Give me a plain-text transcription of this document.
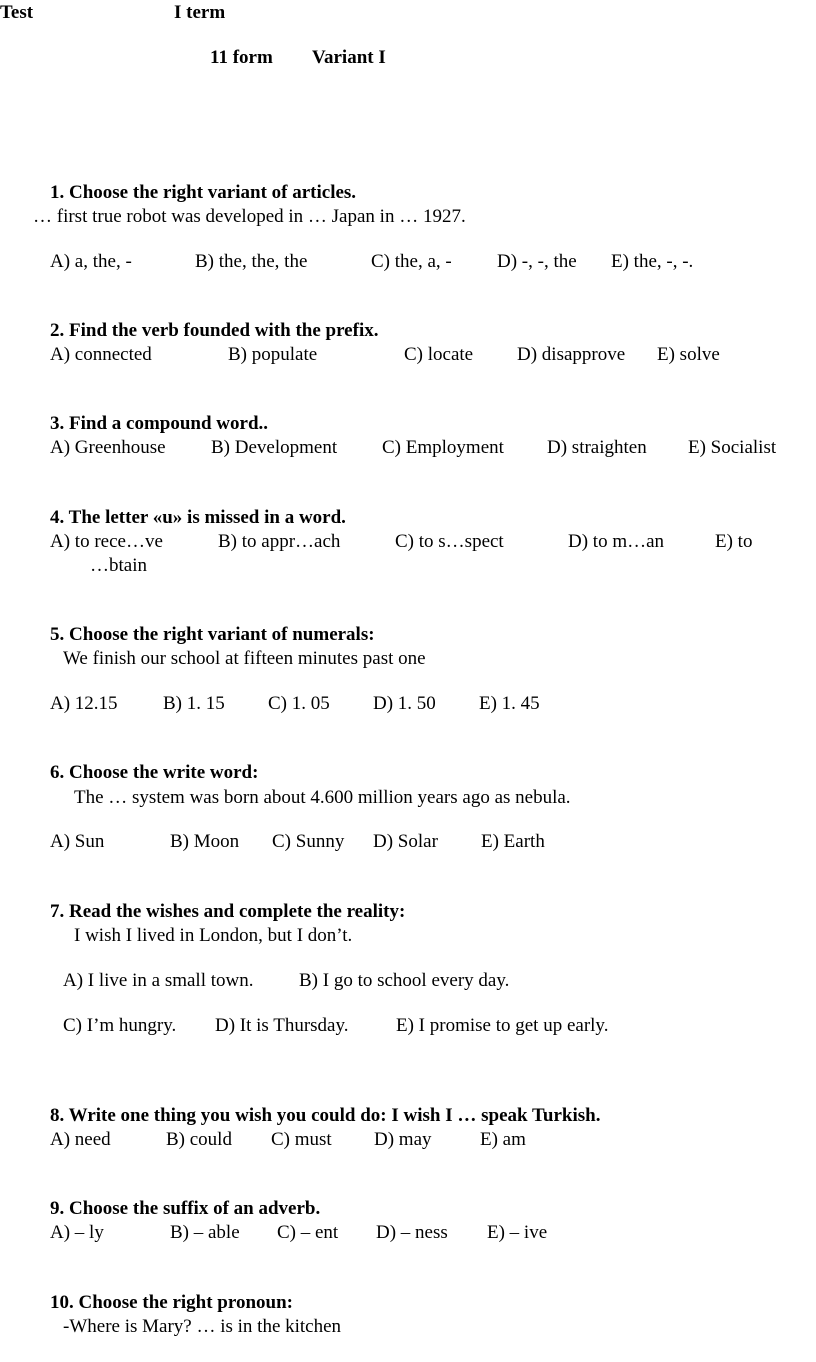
Test	I term
11 form Variant I
1. Choose the right variant of articles.
… first true robot was developed in … Japan in … 1927.
A) a, the, -	B) the, the, the	C) the, a, - D) -, -, the E) the, -, -.
2. Find the verb founded with the prefix.
A) connected	B) populate	C) locate D) disapprove E) solve
3. Find a compound word..
A) Greenhouse B) Development C) Employment D) straighten E) Socialist
4. The letter «u» is missed in a word.
A) to rece…ve	B) to appr…ach	C) to s…spect	D) to m…an	E) to
…btain
5. Choose the right variant of numerals:
We finish our school at fifteen minutes past one
A) 12.15 B) 1. 15 C) 1. 05 D) 1. 50 E) 1. 45
6. Choose the write word:
The … system was born about 4.600 million years ago as nebula.
A) Sun	B) Moon C) Sunny D) Solar E) Earth
7. Read the wishes and complete the reality:
I wish I lived in London, but I don’t.
A) I live in a small town. B) I go to school every day.
C) I’m hungry. D) It is Thursday. E) I promise to get up early.
8. Write one thing you wish you could do: I wish I … speak Turkish.
A) need	B) could C) must D) may	E) am
9. Choose the suffix of an adverb.
A) – ly	B) – able C) – ent D) – ness E) – ive
10. Choose the right pronoun:
-Where is Mary? … is in the kitchen
